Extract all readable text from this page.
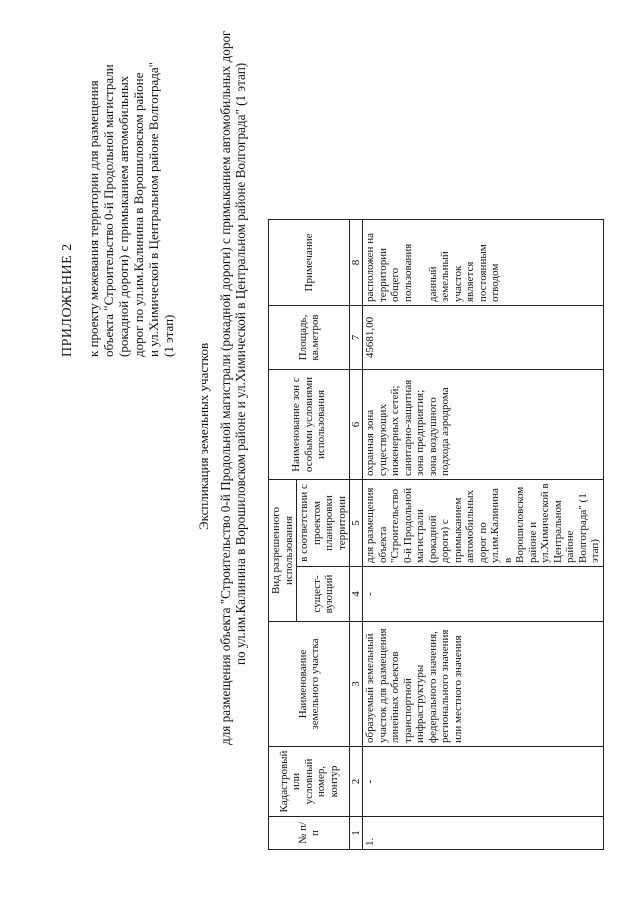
ПРИЛОЖЕНИЕ 2 к проекту межевания территории для размещения объекта "Строительство 0-й Продольной магистрали (рокадной дороги) с примыканием автомобильных дорог по ул.им.Калинина в Ворошиловском районе и ул.Химической в Центральном районе Волгограда" (1 этап)
Экспликация земельных участков для размещения объекта "Строительство 0-й Продольной магистрали (рокадной дороги) с примыканием автомобильных дорог по ул.им.Калинина в Ворошиловском районе и ул.Химической в Центральном районе Волгограда" (1 этап)
№ п/п	Кадастровый или условный номер, контур	Наименование земельного участка	Вид разрешенного использования		Наименование зон с особыми условиями использования	Площадь, кв.метров	Примечание
			сущест-вующий	в соответствии с проектом планировки территории			
1	2	3	4	5	6	7	8
1.	-	образуемый земельный участок для размещения линейных объектов транспортной инфраструктуры федерального значения, регионального значения или местного значения	-	для размещения объекта "Строительство 0-й Продольной магистрали (рокадной дороги) с примыканием автомобильных дорог по ул.им.Калинина в Ворошиловском районе и ул.Химической в Центральном районе Волгограда" (1 этап)	охранная зона существующих инженерных сетей; санитарно-защитная зона предприятия; зона воздушного подхода аэродрома	45681,00	расположен на территории общего пользования

данный земельный участок является постоянным отводом
